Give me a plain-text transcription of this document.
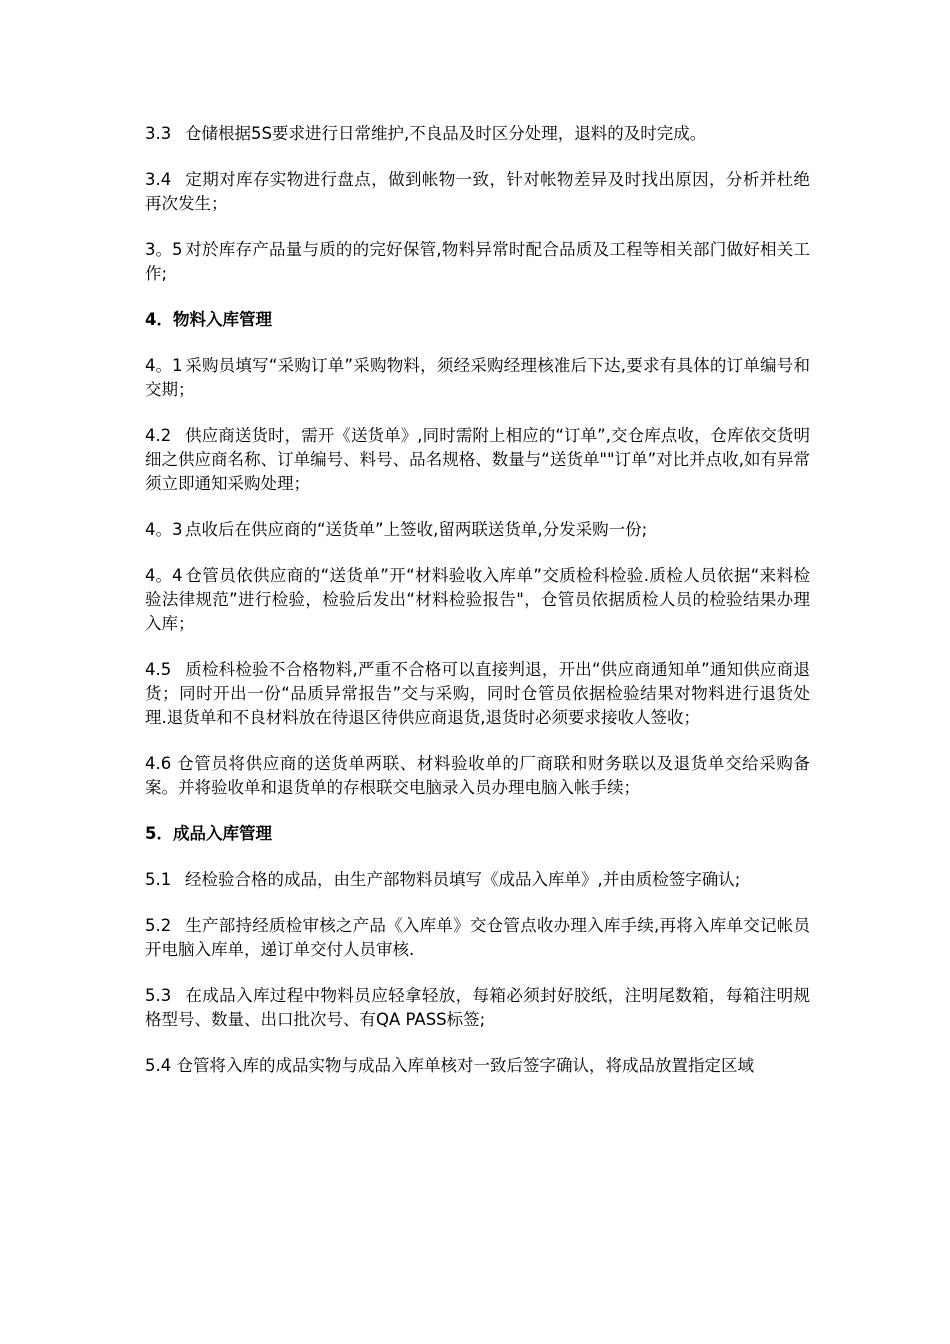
3.3 仓储根据5S要求进行日常维护,不良品及时区分处理，退料的及时完成。

3.4 定期对库存实物进行盘点，做到帐物一致，针对帐物差异及时找出原因，分析并杜绝再次发生；

3。5 对於库存产品量与质的的完好保管,物料异常时配合品质及工程等相关部门做好相关工作;

4．物料入库管理

4。1 采购员填写“采购订单”采购物料，须经采购经理核准后下达,要求有具体的订单编号和交期；

4.2 供应商送货时，需开《送货单》,同时需附上相应的“订单”,交仓库点收，仓库依交货明细之供应商名称、订单编号、料号、品名规格、数量与“送货单""订单”对比并点收,如有异常须立即通知采购处理；

4。3 点收后在供应商的“送货单”上签收,留两联送货单,分发采购一份;

4。4 仓管员依供应商的“送货单”开“材料验收入库单”交质检科检验.质检人员依据“来料检验法律规范”进行检验，检验后发出“材料检验报告"，仓管员依据质检人员的检验结果办理入库；

4.5 质检科检验不合格物料,严重不合格可以直接判退，开出“供应商通知单”通知供应商退货；同时开出一份“品质异常报告”交与采购，同时仓管员依据检验结果对物料进行退货处理.退货单和不良材料放在待退区待供应商退货,退货时必须要求接收人签收；

4.6 仓管员将供应商的送货单两联、材料验收单的厂商联和财务联以及退货单交给采购备案。并将验收单和退货单的存根联交电脑录入员办理电脑入帐手续；

5．成品入库管理

5.1 经检验合格的成品，由生产部物料员填写《成品入库单》,并由质检签字确认;

5.2 生产部持经质检审核之产品《入库单》交仓管点收办理入库手续,再将入库单交记帐员开电脑入库单，递订单交付人员审核.

5.3 在成品入库过程中物料员应轻拿轻放，每箱必须封好胶纸，注明尾数箱，每箱注明规格型号、数量、出口批次号、有QA PASS标签;

5.4 仓管将入库的成品实物与成品入库单核对一致后签字确认，将成品放置指定区域
